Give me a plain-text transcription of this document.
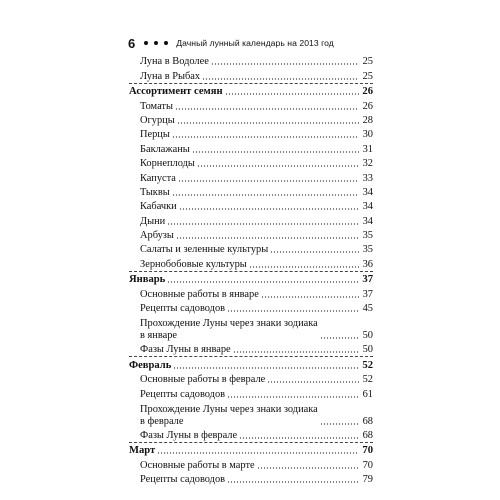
6	Дачный лунный календарь на 2013 год
Луна в Водолее	25
Луна в Рыбах	25
Ассортимент семян	26
Томаты	26
Огурцы	28
Перцы	30
Баклажаны	31
Корнеплоды	32
Капуста	33
Тыквы	34
Кабачки	34
Дыни	34
Арбузы	35
Салаты и зеленные культуры	35
Зернобобовые культуры	36
Январь	37
Основные работы в январе	37
Рецепты садоводов	45
Прохождение Луны через знаки зодиака
в январе	50
Фазы Луны в январе	50
Февраль	52
Основные работы в феврале	52
Рецепты садоводов	61
Прохождение Луны через знаки зодиака
в феврале	68
Фазы Луны в феврале	68
Март	70
Основные работы в марте	70
Рецепты садоводов	79
